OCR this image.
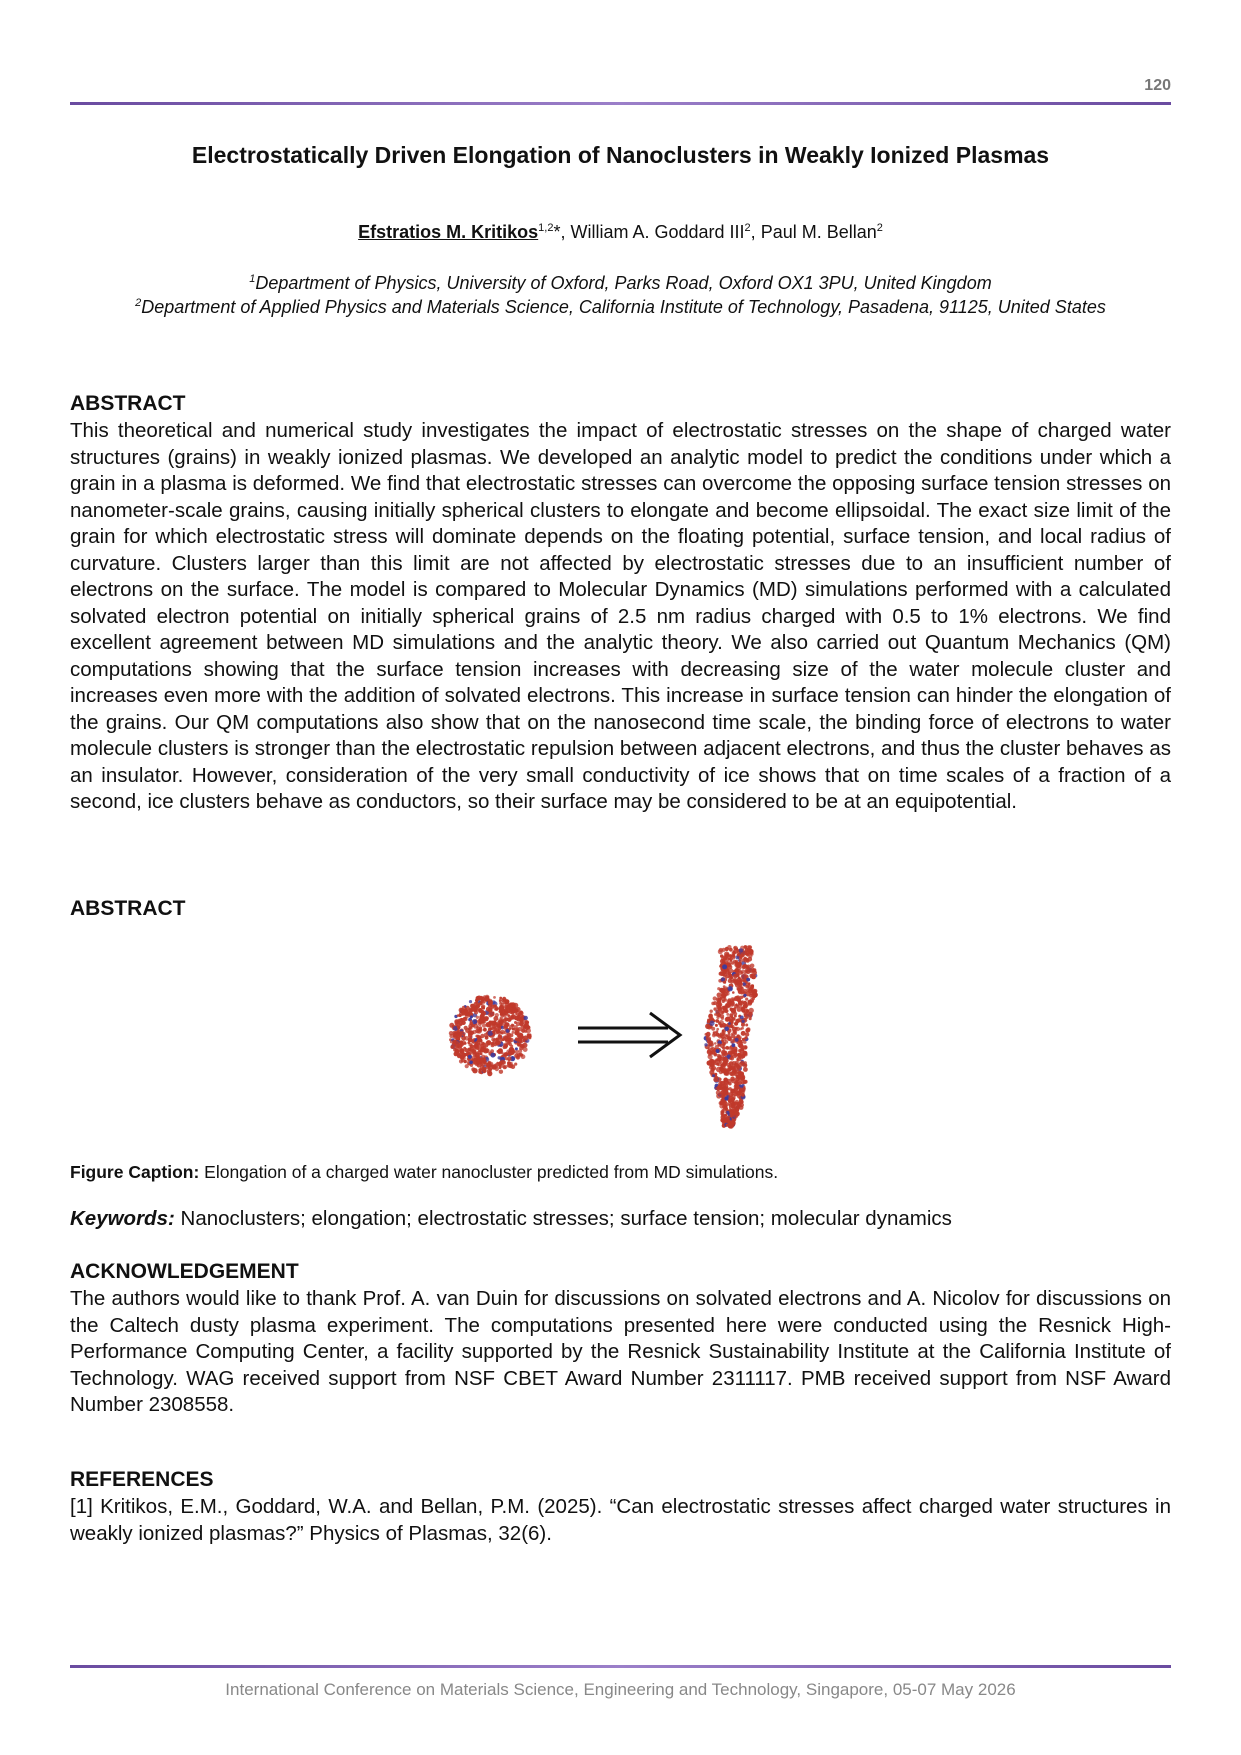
120
Electrostatically Driven Elongation of Nanoclusters in Weakly Ionized Plasmas
Efstratios M. Kritikos$^{1,2}$*, William A. Goddard III$^2$, Paul M. Bellan$^2$
$^1$Department of Physics, University of Oxford, Parks Road, Oxford OX1 3PU, United Kingdom
$^2$Department of Applied Physics and Materials Science, California Institute of Technology, Pasadena, 91125, United States
ABSTRACT
This theoretical and numerical study investigates the impact of electrostatic stresses on the shape of charged water structures (grains) in weakly ionized plasmas. We developed an analytic model to predict the conditions under which a grain in a plasma is deformed. We find that electrostatic stresses can overcome the opposing surface tension stresses on nanometer-scale grains, causing initially spherical clusters to elongate and become ellipsoidal. The exact size limit of the grain for which electrostatic stress will dominate depends on the floating potential, surface tension, and local radius of curvature. Clusters larger than this limit are not affected by electrostatic stresses due to an insufficient number of electrons on the surface. The model is compared to Molecular Dynamics (MD) simulations performed with a calculated solvated electron potential on initially spherical grains of 2.5 nm radius charged with 0.5 to 1% electrons. We find excellent agreement between MD simulations and the analytic theory. We also carried out Quantum Mechanics (QM) computations showing that the surface tension increases with decreasing size of the water molecule cluster and increases even more with the addition of solvated electrons. This increase in surface tension can hinder the elongation of the grains. Our QM computations also show that on the nanosecond time scale, the binding force of electrons to water molecule clusters is stronger than the electrostatic repulsion between adjacent electrons, and thus the cluster behaves as an insulator. However, consideration of the very small conductivity of ice shows that on time scales of a fraction of a second, ice clusters behave as conductors, so their surface may be considered to be at an equipotential.
ABSTRACT
Figure Caption: Elongation of a charged water nanocluster predicted from MD simulations.
Keywords: Nanoclusters; elongation; electrostatic stresses; surface tension; molecular dynamics
ACKNOWLEDGEMENT
The authors would like to thank Prof. A. van Duin for discussions on solvated electrons and A. Nicolov for discussions on the Caltech dusty plasma experiment. The computations presented here were conducted using the Resnick High-Performance Computing Center, a facility supported by the Resnick Sustainability Institute at the California Institute of Technology. WAG received support from NSF CBET Award Number 2311117. PMB received support from NSF Award Number 2308558.
REFERENCES
[1] Kritikos, E.M., Goddard, W.A. and Bellan, P.M. (2025). “Can electrostatic stresses affect charged water structures in weakly ionized plasmas?” Physics of Plasmas, 32(6).
International Conference on Materials Science, Engineering and Technology, Singapore, 05-07 May 2026
